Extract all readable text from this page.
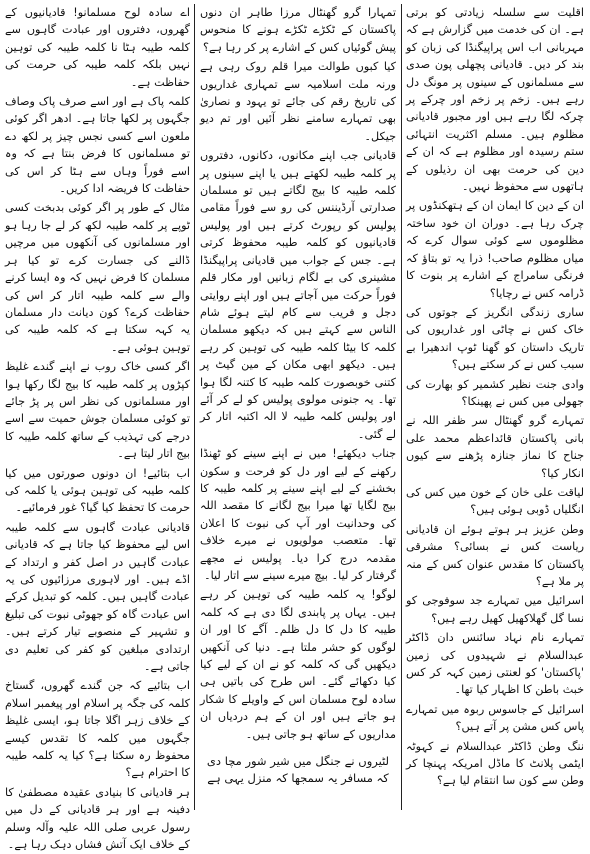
اقلیت سے سلسلہ زیادتی کو برتی ہے۔ ان کی خدمت میں گزارش ہے کہ مہربانی اب اس پراپیگنڈا کی زبان کو بند کر دیں۔ قادیانی پچھلی پون صدی سے مسلمانوں کے سینوں پر مونگ دل رہے ہیں۔ زخم پر زخم اور چرکے پر چرکہ لگا رہے ہیں اور مجبور قادیانی مظلوم ہیں۔ مسلم اکثریت انتہائی ستم رسیدہ اور مظلوم ہے کہ ان کے دین کی حرمت بھی ان رذیلوں کے ہاتھوں سے محفوظ نہیں۔

ان کے دین کا ایمان ان کے ہتھکنڈوں پر چرک رہا ہے۔ دوران ان خود ساختہ مظلوموں سے کوئی سوال کرے کہ میاں مظلوم صاحب! ذرا یہ تو بتاؤ کہ فرنگی سامراج کے اشارے پر بنوت کا ڈرامہ کس نے رچایا؟

ساری زندگی انگریز کے جوتوں کی خاک کس نے چاٹی اور غداریوں کی تاریک داستان کو گھنا ٹوپ اندھیرا بے سبب کس نے کر سکتے ہیں؟

وادی جنت نظیر کشمیر کو بھارت کی جھولی میں کس نے پھینکا؟

تمہارے گرو گھنٹال سر ظفر اللہ نے بانی پاکستان قائداعظم محمد علی جناح کا نماز جنازہ پڑھنے سے کیوں انکار کیا؟

لیاقت علی خان کے خون میں کس کی انگلیاں ڈوبی ہوئی ہیں؟

وطن عزیز ہر ہوتے ہوئے ان قادیانی ریاست کس نے بسائی؟ مشرقی پاکستان کا مقدس عنوان کس کے منہ پر ملا ہے؟

اسرائیل میں تمہارے جد سوفوجی کو نسا گل گھلاکھیل کھیل رہے ہیں؟

تمہارے نام نہاد سائنس دان ڈاکٹر عبدالسلام نے شہیدوں کی زمین 'پاکستان' کو لعنتی زمین کہہ کر کس خبث باطن کا اظہار کیا تھا۔

اسرائیل کے جاسوس ربوہ میں تمہارے پاس کس مشن پر آتے ہیں؟

ننگ وطن ڈاکٹر عبدالسلام نے کہوٹہ ایٹمی پلانٹ کا ماڈل امریکہ پہنچا کر وطن سے کون سا انتقام لیا ہے؟

تمہارا گرو گھنٹال مرزا طاہر ان دنوں پاکستان کے ٹکڑے ٹکڑے ہونے کا منحوس پیش گوئیاں کس کے اشارے پر کر رہا ہے؟

کیا کبوں طوالت میرا قلم روک رہی ہے ورنہ ملت اسلامیہ سے تمہاری غداریوں کی تاریخ رقم کی جائے تو یہود و نصاریٰ بھی تمہارے سامنے نظر آئیں اور تم دیو جیکل۔

قادیانی جب اپنے مکانوں، دکانوں، دفتروں پر کلمہ طیبہ لکھتے ہیں یا اپنے سینوں پر کلمہ طیبہ کا بیج لگاتے ہیں تو مسلمان صدارتی آرڈیننس کی رو سے فوراً مقامی پولیس کو رپورٹ کرتے ہیں اور پولیس قادیانیوں کو کلمہ طیبہ محفوظ کرتی ہے۔ جس کے جواب میں قادیانی پراپیگنڈا مشینری کی بے لگام زبانیں اور مکار قلم فوراً حرکت میں آجاتے ہیں اور اپنے روایتی دجل و فریب سے کام لیتے ہوئے شام الناس سے کہتے ہیں کہ دیکھو مسلمان کلمہ کا بیٹا کلمہ طیبہ کی توہین کر رہے ہیں۔ دیکھو ابھی مکان کے مین گیٹ پر کتنی خوبصورت کلمہ طیبہ کا کتنہ لگا ہوا تھا۔ یہ جنونی مولوی پولیس کو لے کر آئے اور پولیس کلمہ طیبہ لا الہ اکتبہ اتار کر لے گئی۔

جناب دیکھئے! میں نے اپنے سینے کو ٹھنڈا رکھنے کے لیے اور دل کو فرحت و سکون بخشنے کے لیے اپنے سینے پر کلمہ طیبہ کا بیج لگایا تھا میرا بیج لگانے کا مقصد اللہ کی وحدانیت اور آپ کی نبوت کا اعلان تھا۔ متعصب مولویوں نے میرے خلاف مقدمہ درج کرا دیا۔ پولیس نے مجھے گرفتار کر لیا۔ بیچ میرے سینے سے اتار لیا۔

لوگو! یہ کلمہ طیبہ کی توہین کر رہے ہیں۔ یہاں پر پابندی لگا دی ہے کہ کلمہ طیبہ کا دل کا دل ظلم۔ آگے کا اور ان لوگوں کو حشر ملتا ہے۔ دنیا کی آنکھیں دیکھیں گی کہ کلمہ کو نے ان کے لیے کیا کیا دکھائے گئے۔ اس طرح کی باتیں ہی سادہ لوح مسلمان اس کے واویلے کا شکار ہو جاتے ہیں اور ان کے ہم دردیاں ان مداریوں کے ساتھ ہو جاتی ہیں۔

لٹیروں نے جنگل میں شیر شور مچا دی کہ مسافر یہ سمجھا کہ منزل یہی ہے

اے سادہ لوح مسلمانو! قادیانیوں کے گھروں، دفتروں اور عبادت گاہوں سے کلمہ طیبہ ہٹا نا کلمہ طیبہ کی توہین نہیں بلکہ کلمہ طیبہ کی حرمت کی حفاظت ہے۔

کلمہ پاک ہے اور اسے صرف پاک وصاف جگہوں پر لکھا جاتا ہے۔ ادھر اگر کوئی ملعون اسے کسی نجس چیز پر لکھ دے تو مسلمانوں کا فرض بنتا ہے کہ وہ اسے فوراً وہاں سے ہٹا کر اس کی حفاظت کا فریضہ ادا کریں۔

مثال کے طور پر اگر کوئی بدبخت کسی ٹوپے پر کلمہ طیبہ لکھ کر لے جا رہا ہو اور مسلمانوں کی آنکھوں میں مرچیں ڈالنے کی جسارت کرے تو کیا ہر مسلمان کا فرض نہیں کہ وہ ایسا کرنے والے سے کلمہ طیبہ اتار کر اس کی حفاظت کرے؟ کون دیانت دار مسلمان یہ کہہ سکتا ہے کہ کلمہ طیبہ کی توہین ہوئی ہے۔

اگر کسی خاک روب نے اپنے گندے غلیظ کپڑوں پر کلمہ طیبہ کا بیج لگا رکھا ہوا اور مسلمانوں کی نظر اس پر پڑ جائے تو کوئی مسلمان جوش حمیت سے اسے درجے کی تہذیب کے ساتھ کلمہ طیبہ کا بیج اتار لیتا ہے۔

اب بتائیے! ان دونوں صورتوں میں کیا کلمہ طیبہ کی توہین ہوئی یا کلمہ کی حرمت کا تحفظ کیا گیا؟ غور فرمائیے۔

قادیانی عبادت گاہوں سے کلمہ طیبہ اس لیے محفوظ کیا جاتا ہے کہ قادیانی عبادت گاہیں در اصل کفر و ارتداد کے اڈے ہیں۔ اور لاہوری مرزائیوں کی یہ عبادت گاہیں ہیں۔ کلمہ کو تبدیل کرکے اس عبادت گاہ کو جھوٹی نبوت کی تبلیغ و تشہیر کے منصوبے تیار کرتے ہیں۔ ارتدادی مبلغین کو کفر کی تعلیم دی جاتی ہے۔

اب بتائیے کہ جن گندے گھروں، گستاخ کلمہ کی جگہ پر اسلام اور پیغمبر اسلام کے خلاف زہر اگلا جاتا ہو، ایسی غلیظ جگہوں میں کلمہ کا تقدس کیسے محفوظ رہ سکتا ہے؟ کیا یہ کلمہ طیبہ کا احترام ہے؟

ہر قادیانی کا بنیادی عقیدہ مصطفیٰ کا دفینہ ہے اور ہر قادیانی کے دل میں رسول عربی صلی اللہ علیہ وآلہ وسلم کے خلاف ایک آتش فشاں دہک رہا ہے۔
